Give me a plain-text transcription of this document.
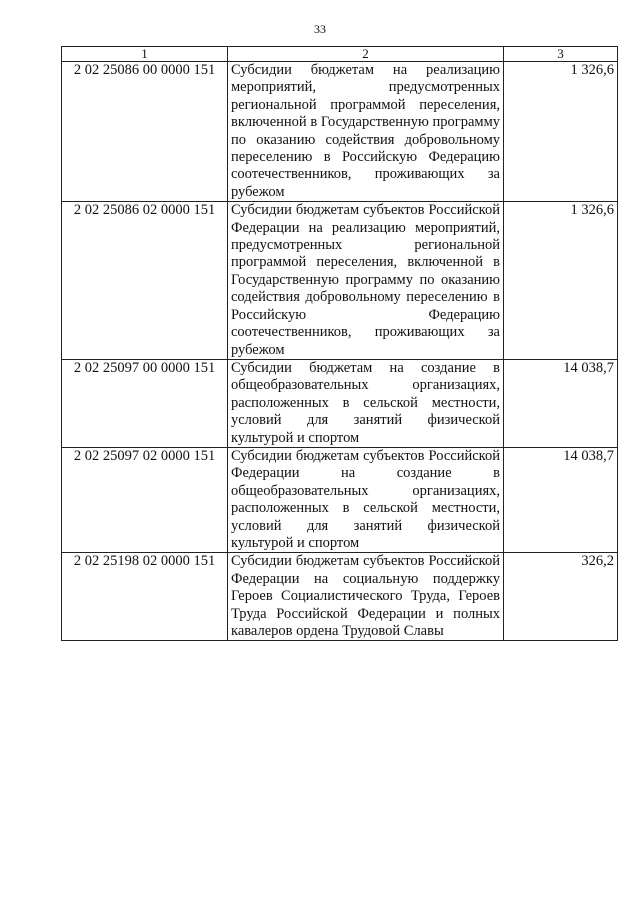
33
1	2	3
2 02 25086 00 0000 151	Субсидии бюджетам на реализацию мероприятий, предусмотренных региональной программой переселения, включенной в Государственную программу по оказанию содействия добровольному переселению в Российскую Федерацию соотечественников, проживающих за рубежом	1 326,6
2 02 25086 02 0000 151	Субсидии бюджетам субъектов Российской Федерации на реализацию мероприятий, предусмотренных региональной программой переселения, включенной в Государственную программу по оказанию содействия добровольному переселению в Российскую Федерацию соотечественников, проживающих за рубежом	1 326,6
2 02 25097 00 0000 151	Субсидии бюджетам на создание в общеобразовательных организациях, расположенных в сельской местности, условий для занятий физической культурой и спортом	14 038,7
2 02 25097 02 0000 151	Субсидии бюджетам субъектов Российской Федерации на создание в общеобразовательных организациях, расположенных в сельской местности, условий для занятий физической культурой и спортом	14 038,7
2 02 25198 02 0000 151	Субсидии бюджетам субъектов Российской Федерации на социальную поддержку Героев Социалистического Труда, Героев Труда Российской Федерации и полных кавалеров ордена Трудовой Славы	326,2
